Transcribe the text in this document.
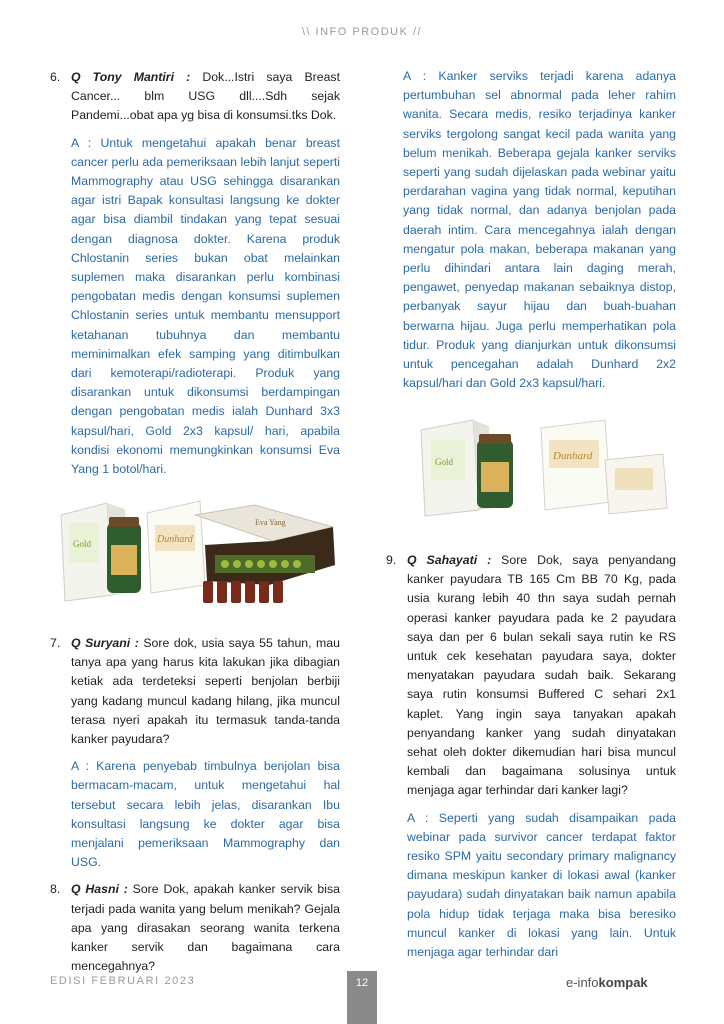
\\ INFO PRODUK //
6. Q Tony Mantiri : Dok...Istri saya Breast Cancer... blm USG dll....Sdh sejak Pandemi...obat apa yg bisa di konsumsi.tks Dok.
A : Untuk mengetahui apakah benar breast cancer perlu ada pemeriksaan lebih lanjut seperti Mammography atau USG sehingga disarankan agar istri Bapak konsultasi langsung ke dokter agar bisa diambil tindakan yang tepat sesuai dengan diagnosa dokter. Karena produk Chlostanin series bukan obat melainkan suplemen maka disarankan perlu kombinasi pengobatan medis dengan konsumsi suplemen Chlostanin series untuk membantu mensupport ketahanan tubuhnya dan membantu meminimalkan efek samping yang ditimbulkan dari kemoterapi/radioterapi. Produk yang disarankan untuk dikonsumsi berdampingan dengan pengobatan medis ialah Dunhard 3x3 kapsul/hari, Gold 2x3 kapsul/ hari, apabila kondisi ekonomi memungkinkan konsumsi Eva Yang 1 botol/hari.
Gold	Dunhard
Eva Yang
7. Q Suryani : Sore dok, usia saya 55 tahun, mau tanya apa yang harus kita lakukan jika dibagian ketiak ada terdeteksi seperti benjolan berbiji yang kadang muncul kadang hilang, jika muncul terasa nyeri apakah itu termasuk tanda-tanda kanker payudara?
A : Karena penyebab timbulnya benjolan bisa bermacam-macam, untuk mengetahui hal tersebut secara lebih jelas, disarankan Ibu konsultasi langsung ke dokter agar bisa menjalani pemeriksaan Mammography dan USG.
8. Q Hasni : Sore Dok, apakah kanker servik bisa terjadi pada wanita yang belum menikah? Gejala apa yang dirasakan seorang wanita terkena kanker servik dan bagaimana cara mencegahnya?
A : Kanker serviks terjadi karena adanya pertumbuhan sel abnormal pada leher rahim wanita. Secara medis, resiko terjadinya kanker serviks tergolong sangat kecil pada wanita yang belum menikah. Beberapa gejala kanker serviks seperti yang sudah dijelaskan pada webinar yaitu perdarahan vagina yang tidak normal, keputihan yang tidak normal, dan adanya benjolan pada daerah intim. Cara mencegahnya ialah dengan mengatur pola makan, beberapa makanan yang perlu dihindari antara lain daging merah, pengawet, penyedap makanan sebaiknya distop, perbanyak sayur hijau dan buah-buahan berwarna hijau. Juga perlu memperhatikan pola tidur. Produk yang dianjurkan untuk dikonsumsi untuk pencegahan adalah Dunhard 2x2 kapsul/hari dan Gold 2x3 kapsul/hari.
Gold	Dunhard
9. Q Sahayati : Sore Dok, saya penyandang kanker payudara TB 165 Cm BB 70 Kg, pada usia kurang lebih 40 thn saya sudah pernah operasi kanker payudara pada ke 2 payudara saya dan per 6 bulan sekali saya rutin ke RS untuk cek kesehatan payudara saya, dokter menyatakan payudara sudah baik. Sekarang saya rutin konsumsi Buffered C sehari 2x1 kaplet. Yang ingin saya tanyakan apakah penyandang kanker yang sudah dinyatakan sehat oleh dokter dikemudian hari bisa muncul kembali dan bagaimana solusinya untuk menjaga agar terhindar dari kanker lagi?
A : Seperti yang sudah disampaikan pada webinar pada survivor cancer terdapat faktor resiko SPM yaitu secondary primary malignancy dimana meskipun kanker di lokasi awal (kanker payudara) sudah dinyatakan baik namun apabila pola hidup tidak terjaga maka bisa beresiko muncul kanker di lokasi yang lain. Untuk menjaga agar terhindar dari
EDISI FEBRUARI 2023	12	e-infokompak
